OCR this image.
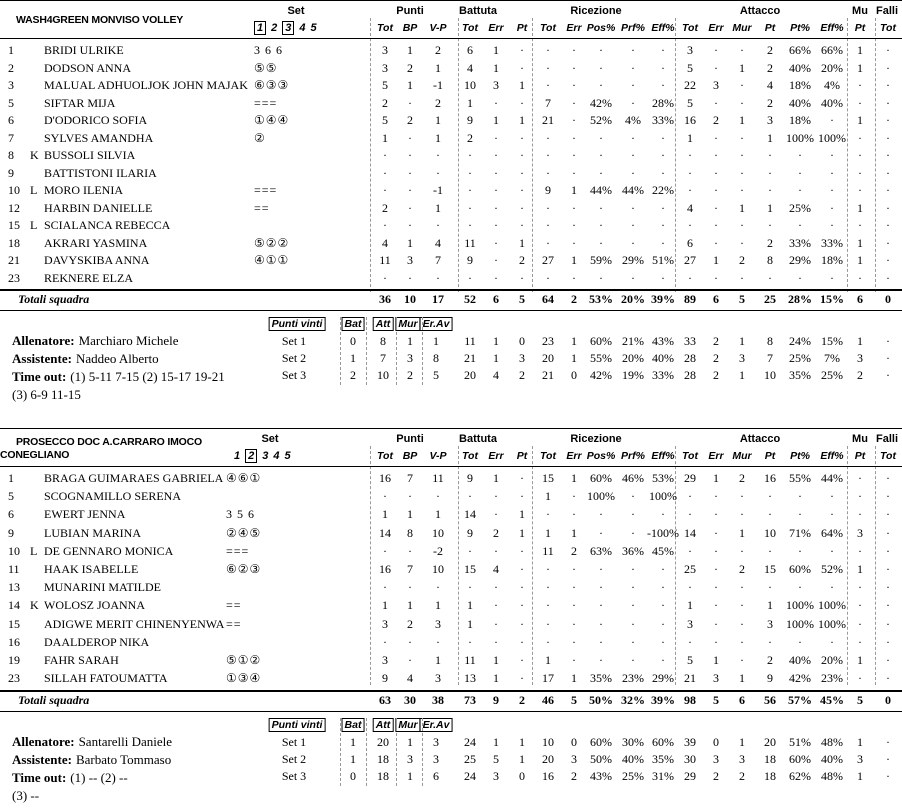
WASH4GREEN MONVISO VOLLEY
Set	Punti	Battuta	Ricezione	Attacco	Mu Falli
1 2 3 4 5	Tot BP V-P Tot Err Pt Tot Err Pos% Prf% Eff% Tot Err Mur Pt Pt% Eff% Pt Tot
1	BRIDI ULRIKE	3 6 6	3 1 2 6 1 · · · · · · 3 · · 2 66% 66% 1 ·
2	DODSON ANNA	⑤⑤	3 2 1 4 1 · · · · · · 5 · 1 2 40% 20% 1 ·
3	MALUAL ADHUOLJOK JOHN MAJAK ⑥③③	5 1 -1 10 3 1 · · · · · 22 3 · 4 18% 4% · ·
5	SIFTAR MIJA	===	2 · 2 1 · · 7 · 42% · 28% 5 · · 2 40% 40% · ·
6	D'ODORICO SOFIA	①④④	5 2 1 9 1 1 21 · 52% 4% 33% 16 2 1 3 18% · 1 ·
7	SYLVES AMANDHA	②	1 · 1 2 · · · · · · · 1 · · 1 100% 100% · ·
8 K BUSSOLI SILVIA	· · · · · · · · · · · · · · · · · · ·
9	BATTISTONI ILARIA	· · · · · · · · · · · · · · · · · · ·
10 L MORO ILENIA	===	· · -1 · · · 9 1 44% 44% 22% · · · · · · · ·
12 HARBIN DANIELLE	==	2 · 1 · · · · · · · · 4 · 1 1 25% · 1 ·
15 L SCIALANCA REBECCA	· · · · · · · · · · · · · · · · · · ·
18 AKRARI YASMINA	⑤②②	4 1 4 11 · 1 · · · · · 6 · · 2 33% 33% 1 ·
21 DAVYSKIBA ANNA	④①①	11 3 7 9 · 2 27 1 59% 29% 51% 27 1 2 8 29% 18% 1 ·
23 REKNERE ELZA	· · · · · · · · · · · · · · · · · · ·
Totali squadra	36 10 17 52 6 5 64 2 53% 20% 39% 89 6 5 25 28% 15% 6 0
Punti vinti Bat Att Mur Er.Av
Set 1	0 8 1 1 11 1 0 23 1 60% 21% 43% 33 2 1 8 24% 15% 1 ·
Set 2	1 7 3 8 21 1 3 20 1 55% 20% 40% 28 2 3 7 25% 7% 3 ·
Set 3	2 10 2 5 20 4 2 21 0 42% 19% 33% 28 2 1 10 35% 25% 2 ·
Allenatore: Marchiaro Michele
Assistente: Naddeo Alberto
Time out: (1) 5-11 7-15 (2) 15-17 19-21
(3) 6-9 11-15
PROSECCO DOC A.CARRARO IMOCO
CONEGLIANO
Set	Punti	Battuta	Ricezione	Attacco	Mu Falli
1 2 3 4 5	Tot BP V-P Tot Err Pt Tot Err Pos% Prf% Eff% Tot Err Mur Pt Pt% Eff% Pt Tot
1	BRAGA GUIMARAES GABRIELA ④⑥①	16 7 11 9 1 · 15 1 60% 46% 53% 29 1 2 16 55% 44% · ·
5	SCOGNAMILLO SERENA	· · · · · · 1 · 100% · 100% · · · · · · · ·
6	EWERT JENNA	3 5 6	1 1 1 14 · 1 · · · · · · · · · · · · ·
9	LUBIAN MARINA	②④⑤	14 8 10 9 2 1 1 1 · · -100% 14 · 1 10 71% 64% 3 ·
10 L DE GENNARO MONICA	===	· · -2 · · · 11 2 63% 36% 45% · · · · · · · ·
11 HAAK ISABELLE	⑥②③	16 7 10 15 4 · · · · · · 25 · 2 15 60% 52% 1 ·
13 MUNARINI MATILDE	· · · · · · · · · · · · · · · · · · ·
14 K WOLOSZ JOANNA	==	1 1 1 1 · · · · · · · 1 · · 1 100% 100% · ·
15 ADIGWE MERIT CHINENYENWA ==	3 2 3 1 · · · · · · · 3 · · 3 100% 100% · ·
16 DAALDEROP NIKA	· · · · · · · · · · · · · · · · · · ·
19 FAHR SARAH	⑤①②	3 · 1 11 1 · 1 · · · · 5 1 · 2 40% 20% 1 ·
23 SILLAH FATOUMATTA	①③④	9 4 3 13 1 · 17 1 35% 23% 29% 21 3 1 9 42% 23% · ·
Totali squadra	63 30 38 73 9 2 46 5 50% 32% 39% 98 5 6 56 57% 45% 5 0
Punti vinti Bat Att Mur Er.Av
Set 1	1 20 1 3 24 1 1 10 0 60% 30% 60% 39 0 1 20 51% 48% 1 ·
Set 2	1 18 3 3 25 5 1 20 3 50% 40% 35% 30 3 3 18 60% 40% 3 ·
Set 3	0 18 1 6 24 3 0 16 2 43% 25% 31% 29 2 2 18 62% 48% 1 ·
Allenatore: Santarelli Daniele
Assistente: Barbato Tommaso
Time out: (1) -- (2) --
(3) --
